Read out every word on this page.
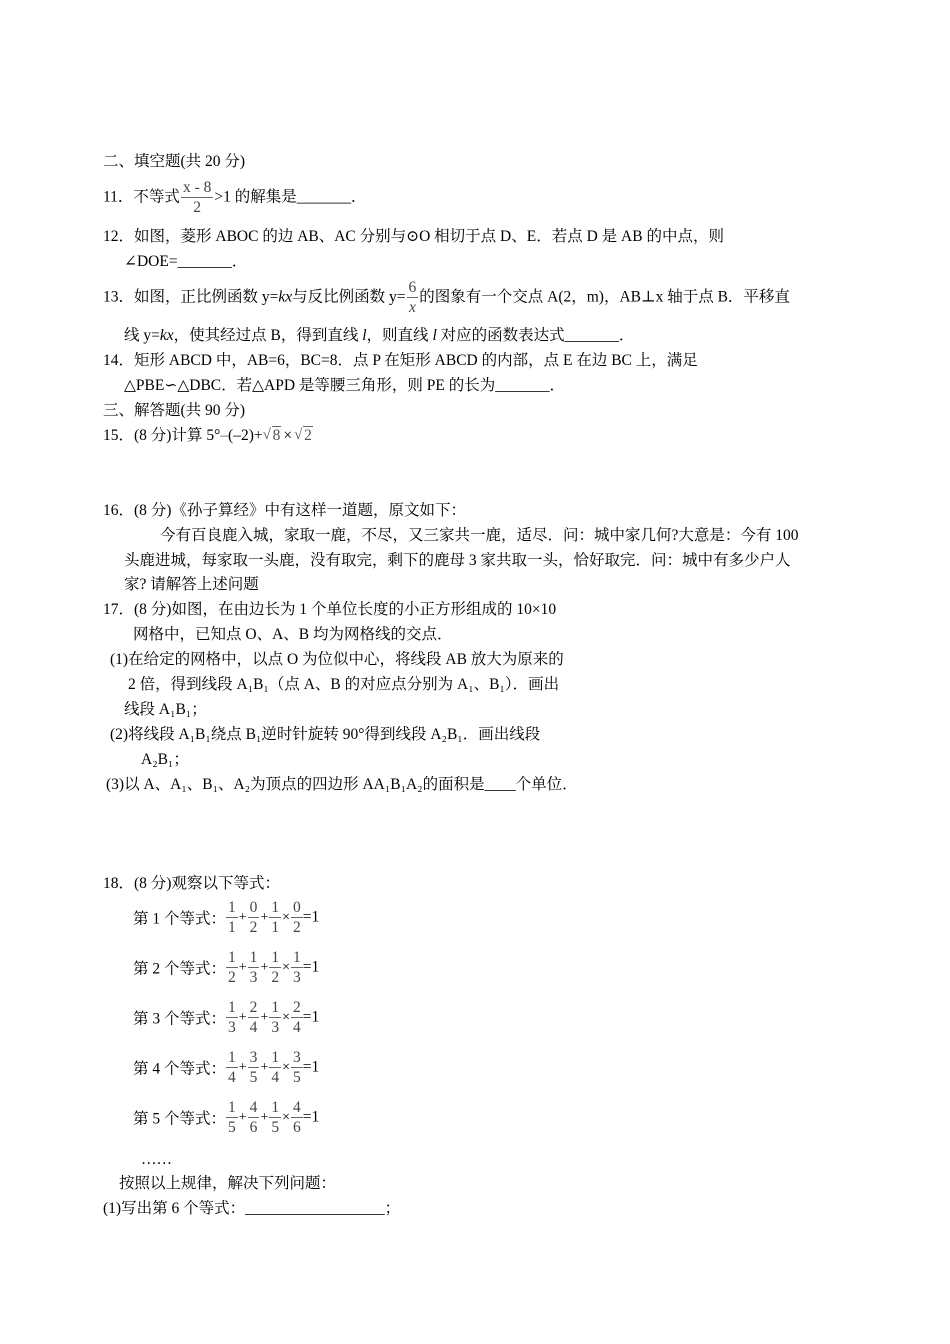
二、填空题(共 20 分)
11．不等式 $\frac{x - 8}{2} >1$ 的解集是_______．
12．如图，菱形 ABOC 的边 AB、AC 分别与⊙O 相切于点 D、E．若点 D 是 AB 的中点，则
∠DOE=_______．
13．如图，正比例函数 y=kx与反比例函数 $y= \frac{6}{x}$ 的图象有一个交点 A(2，m)，AB⊥x 轴于点 B．平移直
线 y=kx，使其经过点 B，得到直线 l，则直线 l 对应的函数表达式_______．
14．矩形 ABCD 中，AB=6，BC=8．点 P 在矩形 ABCD 的内部，点 E 在边 BC 上，满足
△PBE∽△DBC．若△APD 是等腰三角形，则 PE 的长为_______．
三、解答题(共 90 分)
15．(8 分)计算 5°–(–2)+ √ 8 × √ 2
16．(8 分)《孙子算经》中有这样一道题，原文如下：
今有百良鹿入城，家取一鹿，不尽，又三家共一鹿，适尽．问：城中家几何?大意是：今有 100
头鹿进城，每家取一头鹿，没有取完，剩下的鹿母 3 家共取一头，恰好取完．问：城中有多少户人
家? 请解答上述问题
17．(8 分)如图，在由边长为 1 个单位长度的小正方形组成的 10×10
网格中，已知点 O、A、B 均为网格线的交点．
(1)在给定的网格中，以点 O 为位似中心，将线段 AB 放大为原来的
2 倍，得到线段 A₁B₁（点 A、B 的对应点分别为 A₁、B₁）．画出
线段 A₁B₁；
(2)将线段 A₁B₁绕点 B₁逆时针旋转 90°得到线段 A₂B₁．画出线段
A₂B₁；
(3)以 A、A₁、B₁、A₂为顶点的四边形 AA₁B₁A₂的面积是____个单位．
18．(8 分)观察以下等式：
第 1 个等式： $\frac{1}{1} + \frac{0}{2} + \frac{1}{1} \times \frac{0}{2} =1$
第 2 个等式： $\frac{1}{2} + \frac{1}{3} + \frac{1}{2} \times \frac{1}{3} =1$
第 3 个等式： $\frac{1}{3} + \frac{2}{4} + \frac{1}{3} \times \frac{2}{4} =1$
第 4 个等式： $\frac{1}{4} + \frac{3}{5} + \frac{1}{4} \times \frac{3}{5} =1$
第 5 个等式： $\frac{1}{5} + \frac{4}{6} + \frac{1}{5} \times \frac{4}{6} =1$
……
按照以上规律，解决下列问题：
(1)写出第 6 个等式：__________________；
